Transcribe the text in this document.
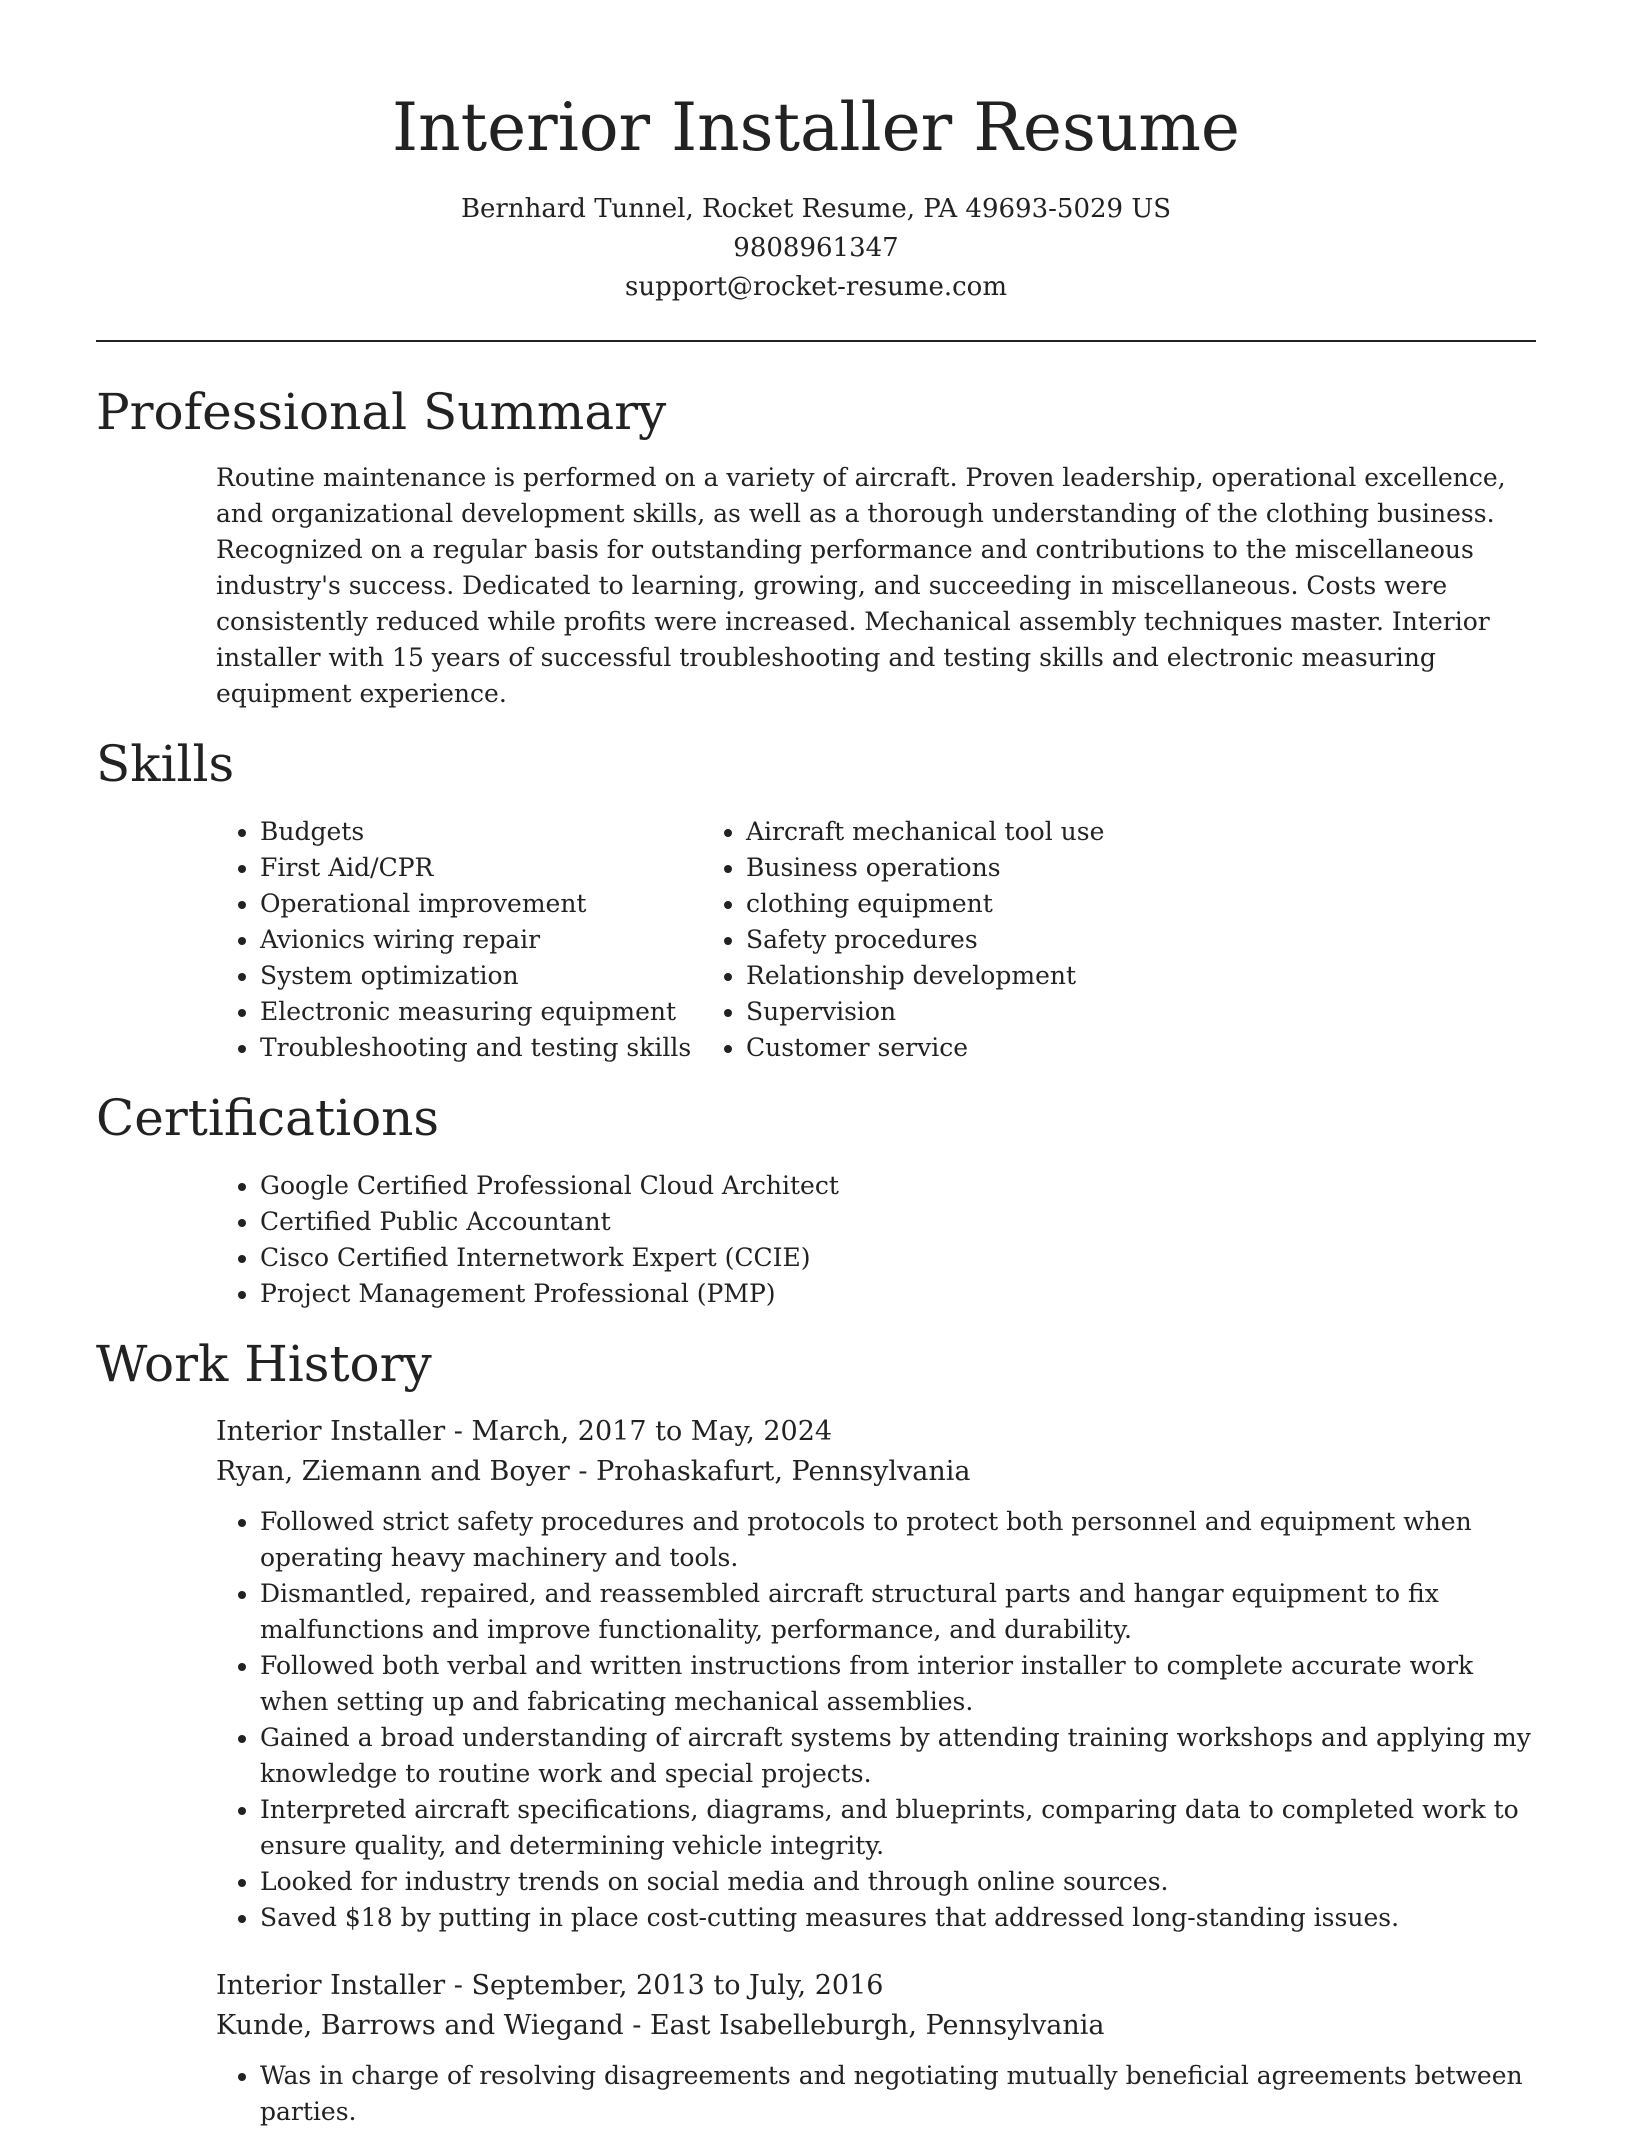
Interior Installer Resume
Bernhard Tunnel, Rocket Resume, PA 49693-5029 US
9808961347
support@rocket-resume.com
Professional Summary

Routine maintenance is performed on a variety of aircraft. Proven leadership, operational excellence, and organizational development skills, as well as a thorough understanding of the clothing business. Recognized on a regular basis for outstanding performance and contributions to the miscellaneous industry's success. Dedicated to learning, growing, and succeeding in miscellaneous. Costs were consistently reduced while profits were increased. Mechanical assembly techniques master. Interior installer with 15 years of successful troubleshooting and testing skills and electronic measuring equipment experience.

Skills
• Budgets
• First Aid/CPR
• Operational improvement
• Avionics wiring repair
• System optimization
• Electronic measuring equipment
• Troubleshooting and testing skills
• Aircraft mechanical tool use
• Business operations
• clothing equipment
• Safety procedures
• Relationship development
• Supervision
• Customer service
Certifications
• Google Certified Professional Cloud Architect
• Certified Public Accountant
• Cisco Certified Internetwork Expert (CCIE)
• Project Management Professional (PMP)
Work History
Interior Installer - March, 2017 to May, 2024
Ryan, Ziemann and Boyer - Prohaskafurt, Pennsylvania
• Followed strict safety procedures and protocols to protect both personnel and equipment when operating heavy machinery and tools.
• Dismantled, repaired, and reassembled aircraft structural parts and hangar equipment to fix malfunctions and improve functionality, performance, and durability.
• Followed both verbal and written instructions from interior installer to complete accurate work when setting up and fabricating mechanical assemblies.
• Gained a broad understanding of aircraft systems by attending training workshops and applying my knowledge to routine work and special projects.
• Interpreted aircraft specifications, diagrams, and blueprints, comparing data to completed work to ensure quality, and determining vehicle integrity.
• Looked for industry trends on social media and through online sources.
• Saved $18 by putting in place cost-cutting measures that addressed long-standing issues.
Interior Installer - September, 2013 to July, 2016
Kunde, Barrows and Wiegand - East Isabelleburgh, Pennsylvania
• Was in charge of resolving disagreements and negotiating mutually beneficial agreements between parties.
